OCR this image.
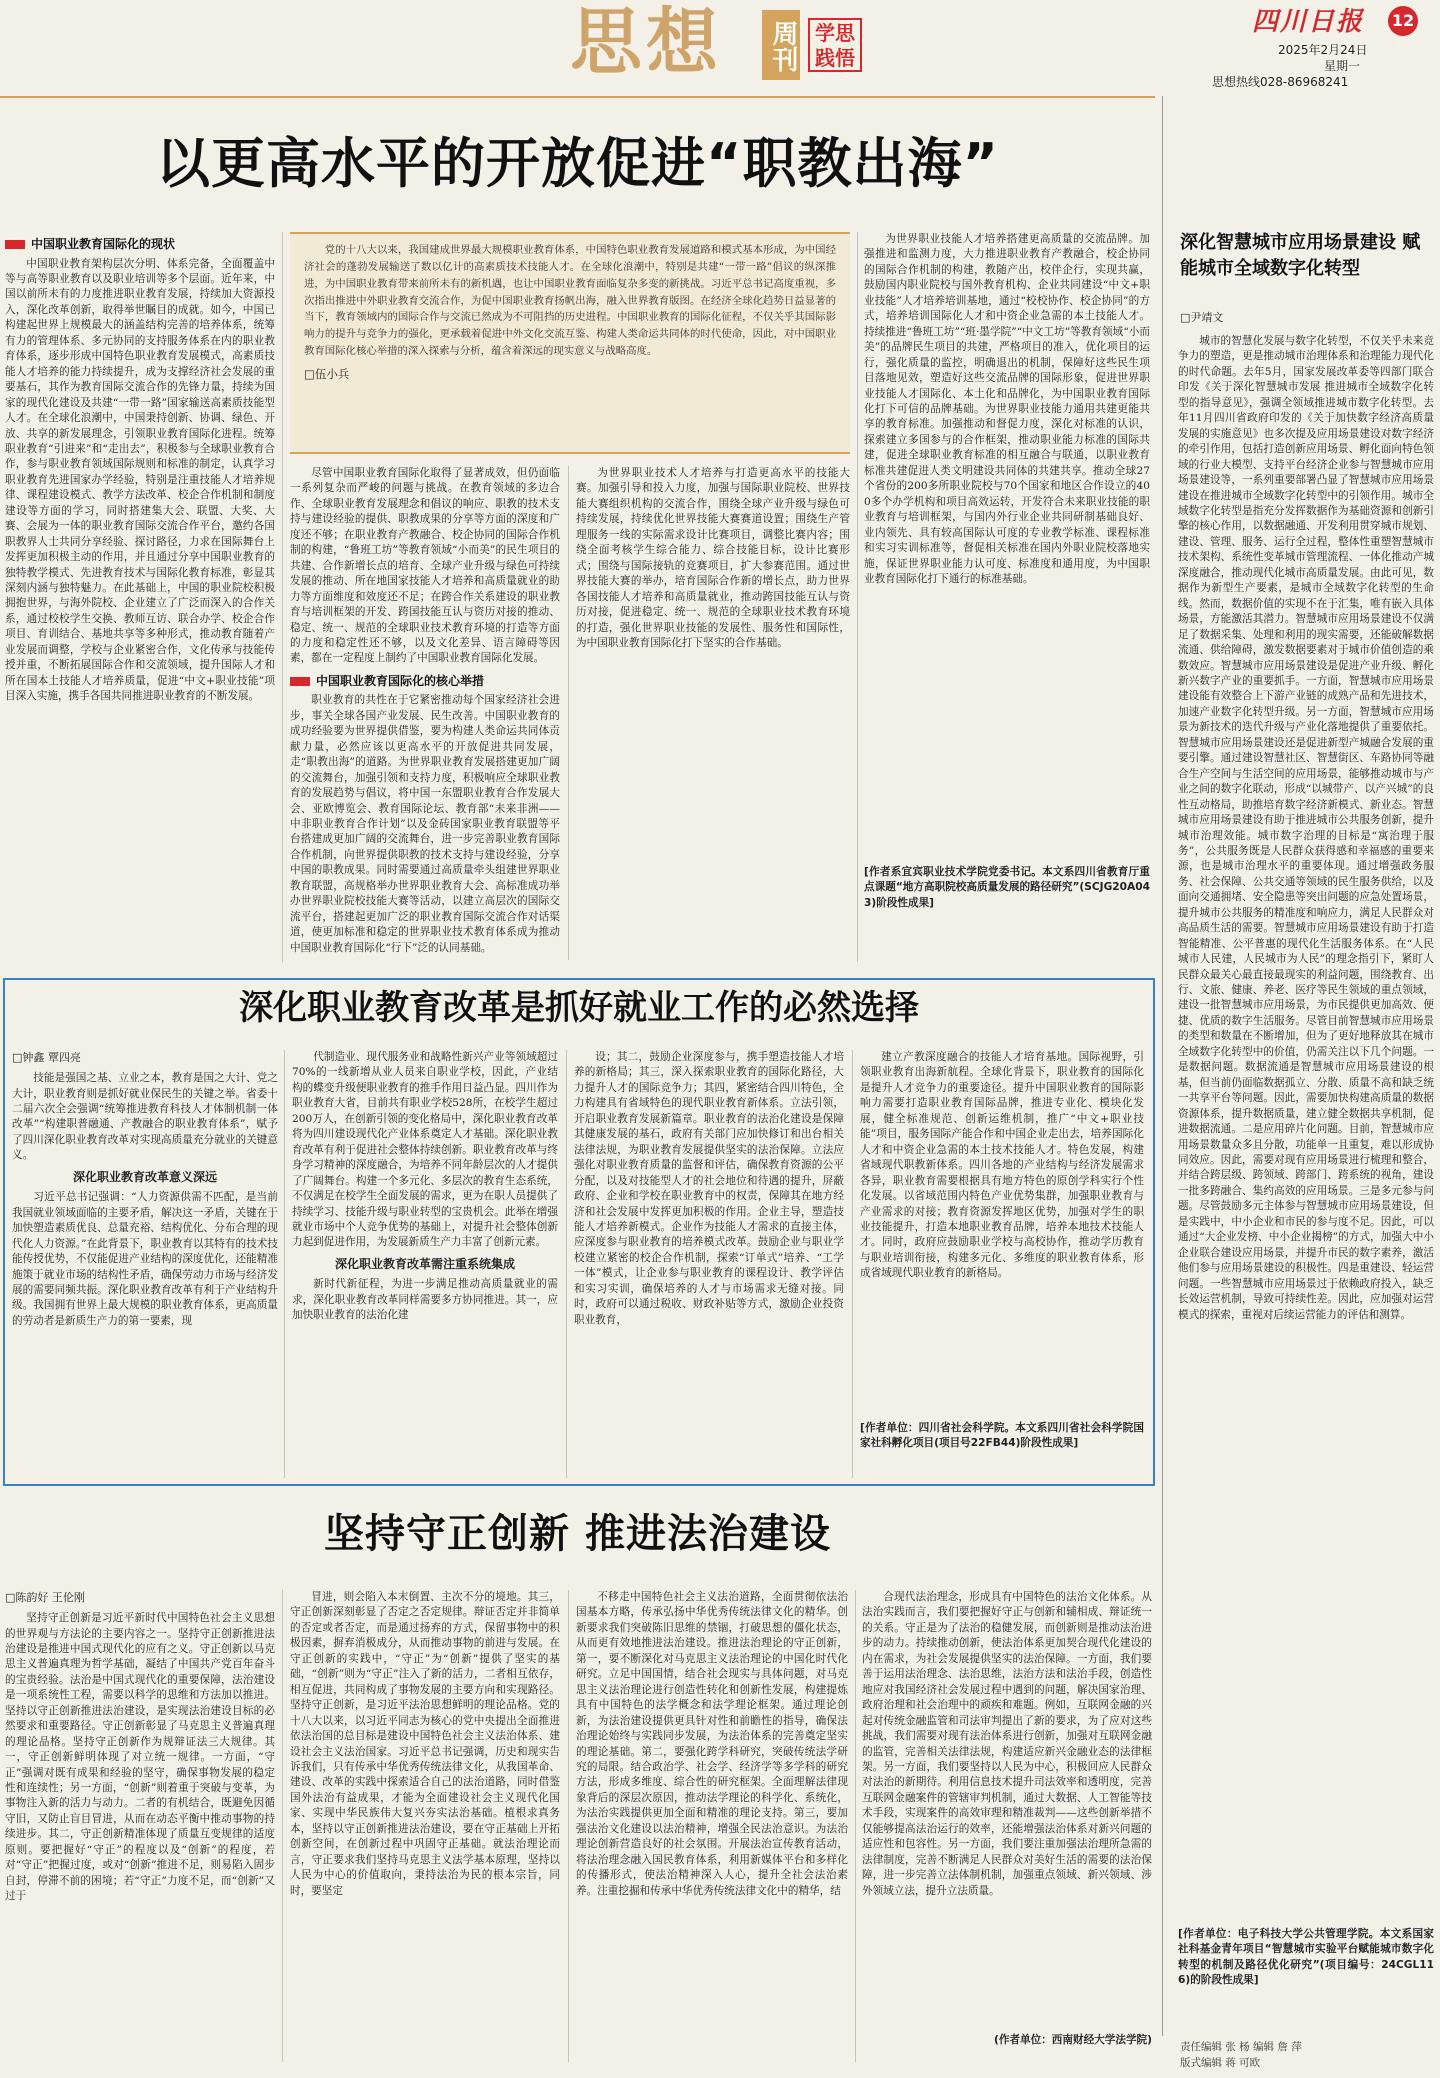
思想 周刊 学思践悟
四川日报 12
2025年2月24日
星期一
思想热线028-86968241
以更高水平的开放促进“职教出海”
中国职业教育国际化的现状

中国职业教育架构层次分明、体系完备，全面覆盖中等与高等职业教育以及职业培训等多个层面。近年来，中国以前所未有的力度推进职业教育发展，持续加大资源投入，深化改革创新，取得举世瞩目的成就。如今，中国已构建起世界上规模最大的涵盖结构完善的培养体系，统筹有力的管理体系、多元协同的支持服务体系在内的职业教育体系，逐步形成中国特色职业教育发展模式，高素质技能人才培养的能力持续提升，成为支撑经济社会发展的重要基石，其作为教育国际交流合作的先锋力量，持续为国家的现代化建设及共建“一带一路”国家输送高素质技能型人才。在全球化浪潮中，中国秉持创新、协调、绿色、开放、共享的新发展理念，引领职业教育国际化进程。统筹职业教育“引进来”和“走出去”，积极参与全球职业教育合作，参与职业教育领域国际规则和标准的制定，认真学习职业教育先进国家办学经验，特别是注重技能人才培养规律、课程建设模式、教学方法改革、校企合作机制和制度建设等方面的学习，同时搭建集大会、联盟、大奖、大赛、会展为一体的职业教育国际交流合作平台，邀约各国职教界人士共同分享经验、探讨路径，力求在国际舞台上发挥更加积极主动的作用，并且通过分享中国职业教育的独特教学模式、先进教育技术与国际化教育标准，彰显其深刻内涵与独特魅力。在此基础上，中国的职业院校积极拥抱世界，与海外院校、企业建立了广泛而深入的合作关系，通过校校学生交换、教师互访、联合办学、校企合作项目、育训结合、基地共享等多种形式，推动教育随着产业发展而调整，学校与企业紧密合作，文化传承与技能传授并重，不断拓展国际合作和交流领域，提升国际人才和所在国本土技能人才培养质量，促进“中文+职业技能”项目深入实施，携手各国共同推进职业教育的不断发展。

党的十八大以来，我国建成世界最大规模职业教育体系，中国特色职业教育发展道路和模式基本形成，为中国经济社会的蓬勃发展输送了数以亿计的高素质技术技能人才。在全球化浪潮中，特别是共建“一带一路”倡议的纵深推进，为中国职业教育带来前所未有的新机遇，也让中国职业教育面临复杂多变的新挑战。习近平总书记高度重视，多次指出推进中外职业教育交流合作，为促中国职业教育扬帆出海，融入世界教育版图。在经济全球化趋势日益显著的当下，教育领域内的国际合作与交流已然成为不可阻挡的历史进程。中国职业教育的国际化征程，不仅关乎其国际影响力的提升与竞争力的强化，更承载着促进中外文化交流互鉴、构建人类命运共同体的时代使命，因此，对中国职业教育国际化核心举措的深入探索与分析，蕴含着深远的现实意义与战略高度。

□伍小兵

尽管中国职业教育国际化取得了显著成效，但仍面临一系列复杂而严峻的问题与挑战。在教育领域的多边合作、全球职业教育发展理念和倡议的响应、职教的技术支持与建设经验的提供、职教成果的分享等方面的深度和广度还不够；在职业教育产教融合、校企协同的国际合作机制的构建，“鲁班工坊”等教育领域“小而美”的民生项目的共建、合作新增长点的培育、全球产业升级与绿色可持续发展的推动、所在地国家技能人才培养和高质量就业的助力等方面维度和效度还不足；在跨合作关系建设的职业教育与培训框架的开发、跨国技能互认与资历对接的推动、稳定、统一、规范的全球职业技术教育环境的打造等方面的力度和稳定性还不够，以及文化差异、语言障碍等因素，都在一定程度上制约了中国职业教育国际化发展。

中国职业教育国际化的核心举措

职业教育的共性在于它紧密推动每个国家经济社会进步，事关全球各国产业发展、民生改善。中国职业教育的成功经验要为世界提供借鉴，要为构建人类命运共同体贡献力量，必然应该以更高水平的开放促进共同发展，走“职教出海”的道路。为世界职业教育发展搭建更加广阔的交流舞台，加强引领和支持力度，积极响应全球职业教育的发展趋势与倡议，将中国一东盟职业教育合作发展大会、亚欧博览会、教育国际论坛、教育部“未来非洲——中非职业教育合作计划”以及金砖国家职业教育联盟等平台搭建成更加广阔的交流舞台，进一步完善职业教育国际合作机制，向世界提供职教的技术支持与建设经验，分享中国的职教成果。同时需要通过高质量牵头组建世界职业教育联盟，高规格举办世界职业教育大会、高标准成功举办世界职业院校技能大赛等活动，以建立高层次的国际交流平台，搭建起更加广泛的职业教育国际交流合作对话渠道，使更加标准和稳定的世界职业技术教育体系成为推动中国职业教育国际化“行下”泛的认同基础。

为世界职业技术人才培养与打造更高水平的技能大赛。加强引导和投入力度，加强与国际职业院校、世界技能大赛组织机构的交流合作，围绕全球产业升级与绿色可持续发展，持续优化世界技能大赛赛道设置；围绕生产管理服务一线的实际需求设计比赛项目，调整比赛内容；围绕全面考核学生综合能力、综合技能目标，设计比赛形式；围绕与国际接轨的竞赛项目，扩大参赛范围。通过世界技能大赛的举办，培育国际合作新的增长点，助力世界各国技能人才培养和高质量就业，推动跨国技能互认与资历对接，促进稳定、统一、规范的全球职业技术教育环境的打造，强化世界职业技能的发展性、服务性和国际性，为中国职业教育国际化打下坚实的合作基础。

为世界职业技能人才培养搭建更高质量的交流品牌。加强推进和监测力度，大力推进职业教育产教融合，校企协同的国际合作机制的构建，教随产出，校伴企行，实现共赢，鼓励国内职业院校与国外教育机构、企业共同建设“中文+职业技能”人才培养培训基地，通过“校校协作、校企协同”的方式，培养培训国际化人才和中资企业急需的本土技能人才。持续推进“鲁班工坊”“班·墨学院”“中文工坊”等教育领域“小而美”的品牌民生项目的共建，严格项目的准入，优化项目的运行，强化质量的监控，明确退出的机制，保障好这些民生项目落地见效，塑造好这些交流品牌的国际形象，促进世界职业技能人才国际化、本土化和品牌化，为中国职业教育国际化打下可信的品牌基础。为世界职业技能力通用共建更能共享的教育标准。加强推动和督促力度，深化对标准的认识，探索建立多国参与的合作框架，推动职业能力标准的国际共建，促进全球职业教育标准的相互融合与联通，以职业教育标准共建促进人类文明建设共同体的共建共享。推动全球27个省份的200多所职业院校与70个国家和地区合作设立的400多个办学机构和项目高效运转，开发符合未来职业技能的职业教育与培训框架，与国内外行业企业共同研制基础良好、业内领先、具有较高国际认可度的专业教学标准、课程标准和实习实训标准等，督促相关标准在国内外职业院校落地实施，保证世界职业能力认可度、标准度和通用度，为中国职业教育国际化打下通行的标准基础。

[作者系宜宾职业技术学院党委书记。本文系四川省教育厅重点课题“地方高职院校高质量发展的路径研究”(SCJG20A043)阶段性成果]
深化职业教育改革是抓好就业工作的必然选择
□钟鑫 覃四亮

技能是强国之基、立业之本，教育是国之大计、党之大计，职业教育则是抓好就业保民生的关键之举。省委十二届六次全会强调“统筹推进教育科技人才体制机制一体改革”“构建职普融通、产教融合的职业教育体系”，赋予了四川深化职业教育改革对实现高质量充分就业的关键意义。

深化职业教育改革意义深远

习近平总书记强调：“人力资源供需不匹配，是当前我国就业领域面临的主要矛盾，解决这一矛盾，关键在于加快塑造素质优良、总量充裕、结构优化、分布合理的现代化人力资源。”在此背景下，职业教育以其特有的技术技能传授优势，不仅能促进产业结构的深度优化，还能精准施策于就业市场的结构性矛盾，确保劳动力市场与经济发展的需要同频共振。深化职业教育改革有利于产业结构升级。我国拥有世界上最大规模的职业教育体系，更高质量的劳动者是新质生产力的第一要素，现

代制造业、现代服务业和战略性新兴产业等领域超过70%的一线新增从业人员来自职业学校，因此，产业结构的蝶变升级便职业教育的推手作用日益凸显。四川作为职业教育大省，目前共有职业学校528所，在校学生超过200万人，在创新引领的变化格局中，深化职业教育改革将为四川建设现代化产业体系奠定人才基础。深化职业教育改革有利于促进社会整体持续创新。职业教育改革与终身学习精神的深度融合，为培养不同年龄层次的人才提供了广阔舞台。构建一个多元化、多层次的教育生态系统，不仅满足在校学生全面发展的需求，更为在职人员提供了持续学习、技能升级与职业转型的宝贵机会。此举在增强就业市场中个人竞争优势的基础上，对提升社会整体创新力起到促进作用，为发展新质生产力丰富了创新元素。

深化职业教育改革需注重系统集成

新时代新征程，为进一步满足推动高质量就业的需求，深化职业教育改革同样需要多方协同推进。其一，应加快职业教育的法治化建

设；其二，鼓励企业深度参与，携手塑造技能人才培养的新格局；其三，深入探索职业教育的国际化路径，大力提升人才的国际竞争力；其四，紧密结合四川特色，全力构建具有省域特色的现代职业教育新体系。立法引领，开启职业教育发展新篇章。职业教育的法治化建设是保障其健康发展的基石，政府有关部门应加快修订和出台相关法律法规，为职业教育发展提供坚实的法治保障。立法应强化对职业教育质量的监督和评估，确保教育资源的公平分配，以及对技能型人才的社会地位和待遇的提升，屏蔽政府、企业和学校在职业教育中的权责，保障其在地方经济和社会发展中发挥更加积极的作用。企业主导，塑造技能人才培养新模式。企业作为技能人才需求的直接主体，应深度参与职业教育的培养模式改革。鼓励企业与职业学校建立紧密的校企合作机制，探索“订单式”培养、“工学一体”模式，让企业参与职业教育的课程设计、教学评估和实习实训，确保培养的人才与市场需求无缝对接。同时，政府可以通过税收、财政补贴等方式，激励企业投资职业教育，

建立产教深度融合的技能人才培育基地。国际视野，引领职业教育出海新航程。全球化背景下，职业教育的国际化是提升人才竞争力的重要途径。提升中国职业教育的国际影响力需要打造职业教育国际品牌，推进专业化、模块化发展，健全标准规范、创新运维机制，推广“中文+职业技能”项目，服务国际产能合作和中国企业走出去，培养国际化人才和中资企业急需的本土技术技能人才。特色发展，构建省域现代职教新体系。四川各地的产业结构与经济发展需求各异，职业教育需要根据具有地方特色的原创学科实行个性化发展。以省域范围内特色产业优势集群，加强职业教育与产业需求的对接；教育资源发挥地区优势，加强对学生的职业技能提升，打造本地职业教育品牌，培养本地技术技能人才。同时，政府应鼓励职业学校与高校协作，推动学历教育与职业培训衔接，构建多元化、多维度的职业教育体系，形成省域现代职业教育的新格局。

[作者单位：四川省社会科学院。本文系四川省社会科学院国家社科孵化项目(项目号22FB44)阶段性成果]
深化智慧城市应用场景建设 赋能城市全域数字化转型
□尹靖文

城市的智慧化发展与数字化转型，不仅关乎未来竞争力的塑造，更是推动城市治理体系和治理能力现代化的时代命题。去年5月，国家发展改革委等四部门联合印发《关于深化智慧城市发展 推进城市全域数字化转型的指导意见》，强调全领域推进城市数字化转型。去年11月四川省政府印发的《关于加快数字经济高质量发展的实施意见》也多次提及应用场景建设对数字经济的牵引作用，包括打造创新应用场景、孵化面向特色领域的行业大模型、支持平台经济企业参与智慧城市应用场景建设等，一系列重要部署凸显了智慧城市应用场景建设在推进城市全域数字化转型中的引领作用。城市全域数字化转型是指充分发挥数据作为基础资源和创新引擎的核心作用，以数据融通、开发利用贯穿城市规划、建设、管理、服务、运行全过程，整体性重塑智慧城市技术架构、系统性变革城市管理流程、一体化推动产城深度融合，推动现代化城市高质量发展。由此可见，数据作为新型生产要素，是城市全域数字化转型的生命线。然而，数据价值的实现不在于汇集，唯有嵌入具体场景，方能激活其潜力。智慧城市应用场景建设不仅满足了数据采集、处理和利用的现实需要，还能破解数据流通、供给障碍，激发数据要素对于城市价值创造的乘数效应。智慧城市应用场景建设是促进产业升级、孵化新兴数字产业的重要抓手。一方面，智慧城市应用场景建设能有效整合上下游产业链的成熟产品和先进技术，加速产业数字化转型升级。另一方面，智慧城市应用场景为新技术的迭代升级与产业化落地提供了重要依托。智慧城市应用场景建设还是促进新型产城融合发展的重要引擎。通过建设智慧社区、智慧街区、车路协同等融合生产空间与生活空间的应用场景，能够推动城市与产业之间的数字化联动，形成“以城带产、以产兴城”的良性互动格局，助推培育数字经济新模式、新业态。智慧城市应用场景建设有助于推进城市公共服务创新，提升城市治理效能。城市数字治理的目标是“寓治理于服务”，公共服务既是人民群众获得感和幸福感的重要来源，也是城市治理水平的重要体现。通过增强政务服务、社会保障、公共交通等领域的民生服务供给，以及面向交通拥堵、安全隐患等突出问题的应急处置场景，提升城市公共服务的精准度和响应力，满足人民群众对高品质生活的需要。智慧城市应用场景建设有助于打造智能精准、公平普惠的现代化生活服务体系。在“人民城市人民建，人民城市为人民”的理念指引下，紧盯人民群众最关心最直接最现实的利益问题，围绕教育、出行、文旅、健康、养老、医疗等民生领域的重点领域，建设一批智慧城市应用场景，为市民提供更加高效、便捷、优质的数字生活服务。尽管目前智慧城市应用场景的类型和数量在不断增加，但为了更好地释放其在城市全域数字化转型中的价值，仍需关注以下几个问题。一是数据问题。数据流通是智慧城市应用场景建设的根基，但当前仍面临数据孤立、分散、质量不高和缺乏统一共享平台等问题。因此，需要加快构建高质量的数据资源体系，提升数据质量，建立健全数据共享机制，促进数据流通。二是应用碎片化问题。目前，智慧城市应用场景数量众多且分散，功能单一且重复，难以形成协同效应。因此，需要对现有应用场景进行梳理和整合，并结合跨层级、跨领域、跨部门、跨系统的视角，建设一批多跨融合、集约高效的应用场景。三是多元参与问题。尽管鼓励多元主体参与智慧城市应用场景建设，但是实践中，中小企业和市民的参与度不足。因此，可以通过“大企业发榜、中小企业揭榜”的方式，加强大中小企业联合建设应用场景，并提升市民的数字素养，激活他们参与应用场景建设的积极性。四是重建设、轻运营问题。一些智慧城市应用场景过于依赖政府投入，缺乏长效运营机制，导致可持续性差。因此，应加强对运营模式的探索，重视对后续运营能力的评估和测算。

[作者单位：电子科技大学公共管理学院。本文系国家社科基金青年项目“智慧城市实验平台赋能城市数字化转型的机制及路径优化研究”(项目编号：24CGL116)的阶段性成果]
坚持守正创新 推进法治建设
□陈韵好 王伦刚

坚持守正创新是习近平新时代中国特色社会主义思想的世界观与方法论的主要内容之一。坚持守正创新推进法治建设是推进中国式现代化的应有之义。守正创新以马克思主义普遍真理为哲学基础，凝结了中国共产党百年奋斗的宝贵经验。法治是中国式现代化的重要保障，法治建设是一项系统性工程，需要以科学的思维和方法加以推进。坚持以守正创新推进法治建设，是实现法治建设目标的必然要求和重要路径。守正创新彰显了马克思主义普遍真理的理论品格。坚持守正创新作为规辩证法三大规律。其一，守正创新鲜明体现了对立统一规律。一方面，“守正”强调对既有成果和经验的坚守，确保事物发展的稳定性和连续性；另一方面，“创新”则着重于突破与变革，为事物注入新的活力与动力。二者的有机结合，既避免因循守旧，又防止盲目冒进，从而在动态平衡中推动事物的持续进步。其二，守正创新精准体现了质量互变规律的适度原则。要把握好“守正”的程度以及“创新”的程度，若对“守正”把握过度，或对“创新”推进不足，则易陷入固步自封，停滞不前的困境；若“守正”力度不足，而“创新”又过于

冒进，则会陷入本末倒置、主次不分的境地。其三，守正创新深刻彰显了否定之否定规律。辩证否定并非简单的否定或者否定，而是通过扬弃的方式，保留事物中的积极因素，摒弃消极成分，从而推动事物的前进与发展。在守正创新的实践中，“守正”为“创新”提供了坚实的基础，“创新”则为“守正”注入了新的活力，二者相互依存，相互促进，共同构成了事物发展的主要方向和实现路径。坚持守正创新，是习近平法治思想鲜明的理论品格。党的十八大以来，以习近平同志为核心的党中央提出全面推进依法治国的总目标是建设中国特色社会主义法治体系、建设社会主义法治国家。习近平总书记强调，历史和现实告诉我们，只有传承中华优秀传统法律文化，从我国革命、建设、改革的实践中探索适合自己的法治道路，同时借鉴国外法治有益成果，才能为全面建设社会主义现代化国家、实现中华民族伟大复兴夯实法治基础。植根求真务本，坚持以守正创新推进法治建设，要在守正基础上开拓创新空间，在创新过程中巩固守正基础。就法治理论而言，守正要求我们坚持马克思主义法学基本原理，坚持以人民为中心的价值取向，秉持法治为民的根本宗旨，同时，要坚定

不移走中国特色社会主义法治道路，全面贯彻依法治国基本方略，传承弘扬中华优秀传统法律文化的精华。创新要求我们突破陈旧思维的禁锢，打破思想的僵化状态，从而更有效地推进法治建设。推进法治理论的守正创新，第一，要不断深化对马克思主义法治理论的中国化时代化研究。立足中国国情，结合社会现实与具体问题，对马克思主义法治理论进行创造性转化和创新性发展，构建提炼具有中国特色的法学概念和法学理论框架。通过理论创新，为法治建设提供更具针对性和前瞻性的指导，确保法治理论始终与实践同步发展，为法治体系的完善奠定坚实的理论基础。第二，要强化跨学科研究，突破传统法学研究的局限。结合政治学、社会学、经济学等多学科的研究方法，形成多维度、综合性的研究框架。全面理解法律现象背后的深层次原因，推动法学理论的科学化、系统化，为法治实践提供更加全面和精准的理论支持。第三，要加强法治文化建设以法治精神，增强全民法治意识。为法治理论创新营造良好的社会氛围。开展法治宣传教育活动，将法治理念融入国民教育体系，利用新媒体平台和多样化的传播形式，使法治精神深入人心，提升全社会法治素养。注重挖掘和传承中华优秀传统法律文化中的精华，结

合现代法治理念，形成具有中国特色的法治文化体系。从法治实践而言，我们要把握好守正与创新和辅相成、辩证统一的关系。守正是为了法治的稳健发展，而创新则是推动法治进步的动力。持续推动创新，使法治体系更加契合现代化建设的内在需求，为社会发展提供坚实的法治保障。一方面，我们要善于运用法治理念、法治思维，法治方法和法治手段，创造性地应对我国经济社会发展过程中遇到的问题，解决国家治理、政府治理和社会治理中的顽疾和难题。例如，互联网金融的兴起对传统金融监管和司法审判提出了新的要求，为了应对这些挑战，我们需要对现有法治体系进行创新，加强对互联网金融的监管，完善相关法律法规，构建适应新兴金融业态的法律框架。另一方面，我们要坚持以人民为中心，积极回应人民群众对法治的新期待。利用信息技术提升司法效率和透明度，完善互联网金融案件的管辖审判机制，通过大数据、人工智能等技术手段，实现案件的高效审理和精准裁判——这些创新举措不仅能够提高法治运行的效率，还能增强法治体系对新兴问题的适应性和包容性。另一方面，我们要注重加强法治理所急需的法律制度，完善不断满足人民群众对美好生活的需要的法治保障，进一步完善立法体制机制，加强重点领域、新兴领域、涉外领域立法，提升立法质量。

(作者单位：西南财经大学法学院)
责任编辑 张 杨 编辑 詹 萍
版式编辑 蒋 可欧
